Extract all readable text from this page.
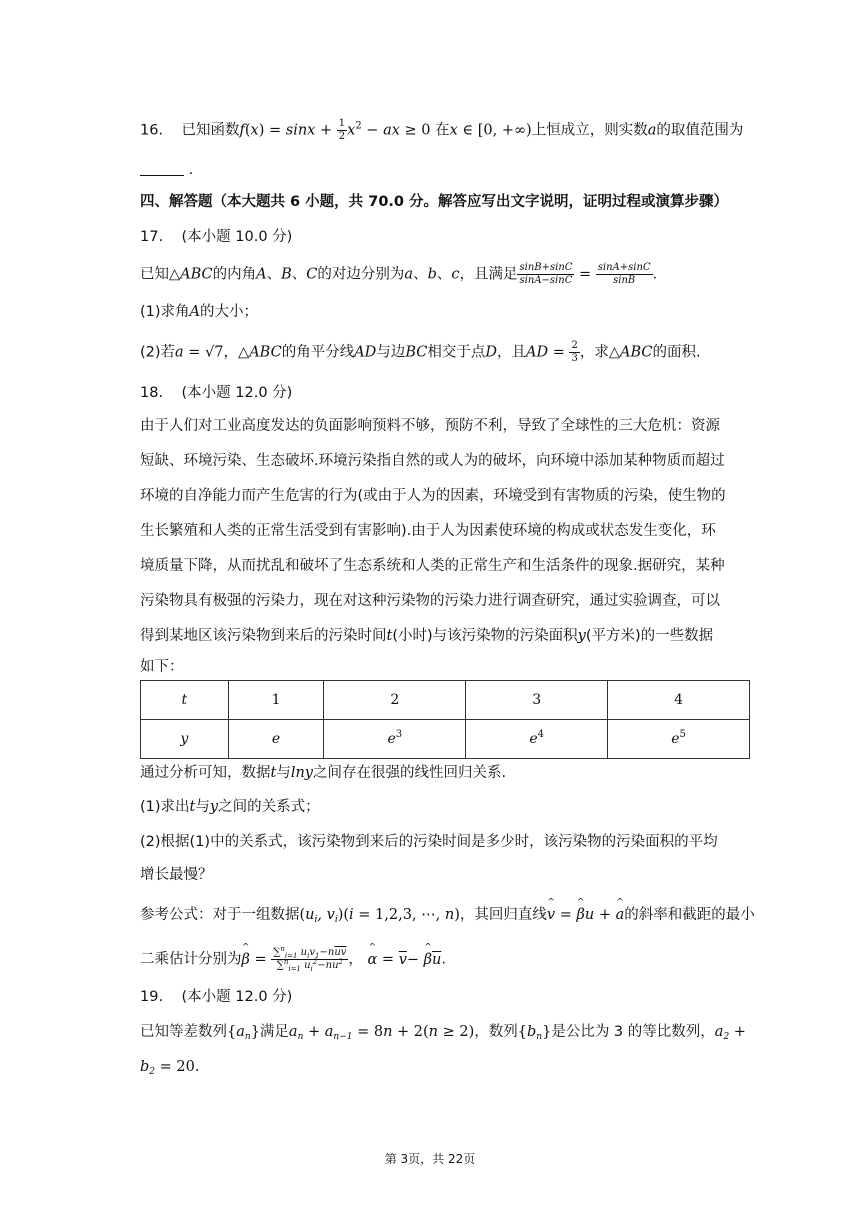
16. 已知函数$f(x) = \sin x + \frac{1}{2} x^2$ − ax ≥ 0 在x ∈ [0, +∞)上恒成立，则实数a的取值范围为
.
四、解答题（本大题共 6 小题，共 70.0 分。解答应写出文字说明，证明过程或演算步骤）
17. (本小题 10.0 分)
已知△ABC的内角A、B、C的对边分别为a、b、c，且满足 $\frac{\sin B+\sin C}{\sin A-\sin C} = \frac{\sin A+\sin C}{\sin B}$ .
(1)求角A的大小；
(2)若a = √7，△ABC的角平分线AD与边BC相交于点D，且AD = $\frac{2}{3}$ ，求△ABC的面积.
18. (本小题 12.0 分)
由于人们对工业高度发达的负面影响预料不够，预防不利，导致了全球性的三大危机：资源
短缺、环境污染、生态破坏.环境污染指自然的或人为的破坏，向环境中添加某种物质而超过
环境的自净能力而产生危害的行为(或由于人为的因素，环境受到有害物质的污染，使生物的
生长繁殖和人类的正常生活受到有害影响).由于人为因素使环境的构成或状态发生变化，环
境质量下降，从而扰乱和破坏了生态系统和人类的正常生产和生活条件的现象.据研究，某种
污染物具有极强的污染力，现在对这种污染物的污染力进行调查研究，通过实验调查，可以
得到某地区该污染物到来后的污染时间t(小时)与该污染物的污染面积y(平方米)的一些数据
如下：
t	1	2	3	4
y	e	$e^3$	$e^4$	$e^5$
通过分析可知，数据t与lny之间存在很强的线性回归关系.
(1)求出t与y之间的关系式；
(2)根据(1)中的关系式，该污染物到来后的污染时间是多少时，该污染物的污染面积的平均
增长最慢？
参考公式：对于一组数据($u_i$, $v_i)(i = 1,2,3$, ⋯, n)，其回归直线^ v = ^ βu + ^ a的斜率和截距的最小
二乘估计分别为^ $\beta = \frac{\sum^n_{i=1} u_iv_1-n\overline{uv}}{\sum^n_{i=1} u_i^2-n\overline{u}^2}$ ， ^ $\alpha = \overline{v}-$ ^ $\beta\overline{u}$.
19. (本小题 12.0 分)
已知等差数列$\{a_n\}$满足$a_n + a_{n-1} = 8n + 2(n \ge 2)$，数列$\{b_n\}$是公比为 3 的等比数列，$a_2$ +
$b_2 = 20$.
第 3页，共 22页
